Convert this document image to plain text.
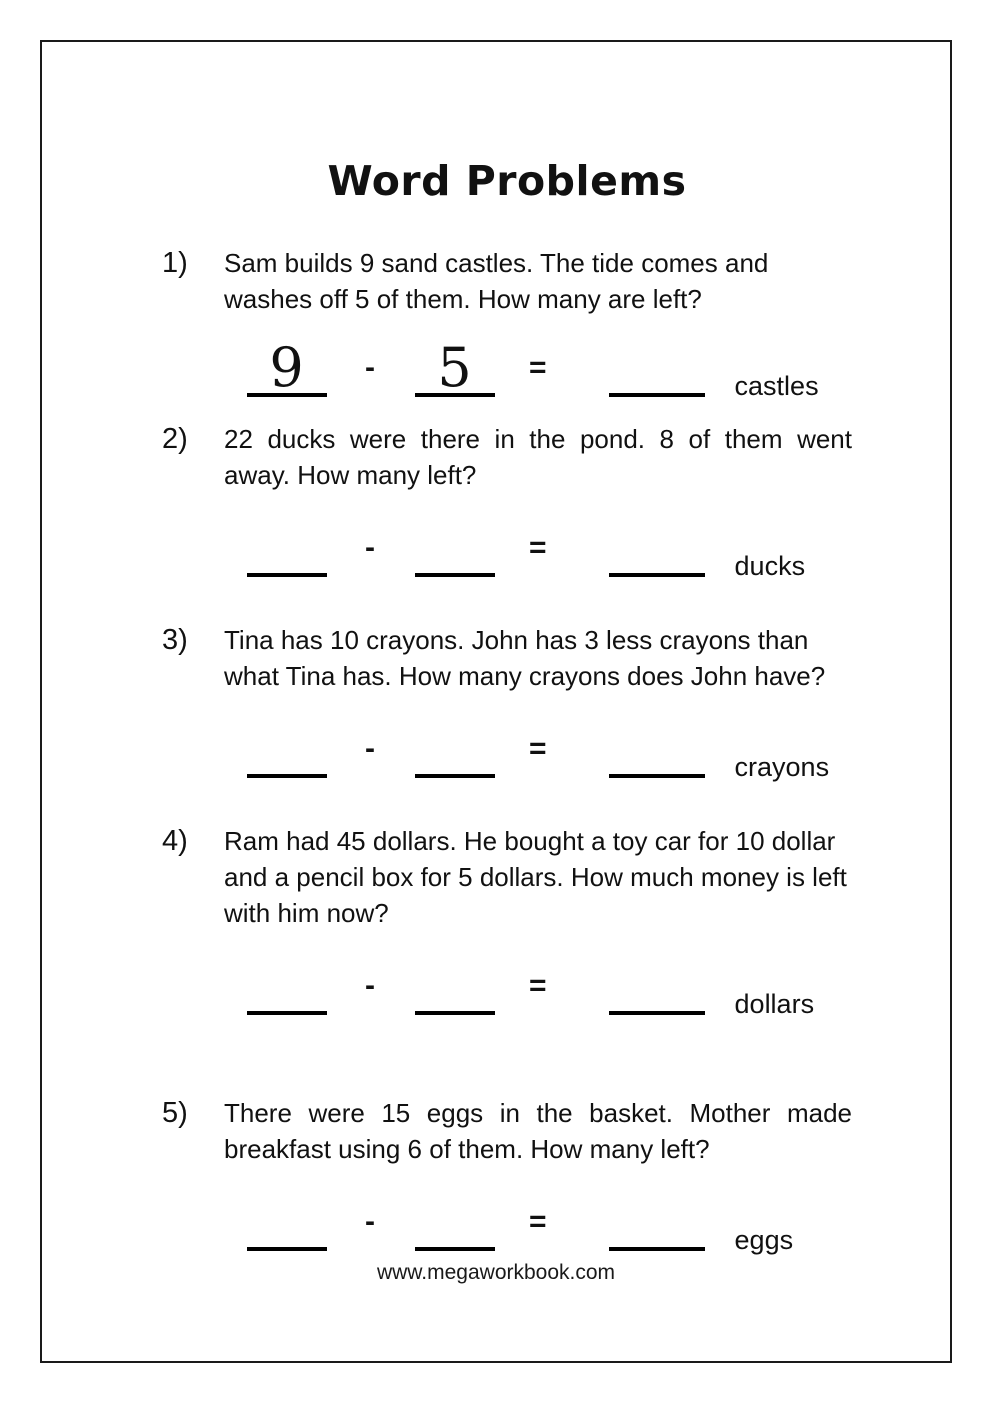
Word Problems
1)	Sam builds 9 sand castles. The tide comes and washes off 5 of them. How many are left?
9	-	5	=
castles
2)	22 ducks were there in the pond. 8 of them went away. How many left?
-	=
ducks
3)	Tina has 10 crayons. John has 3 less crayons than what Tina has. How many crayons does John have?
-	=
crayons
4)	Ram had 45 dollars. He bought a toy car for 10 dollar and a pencil box for 5 dollars. How much money is left with him now?
-	=
dollars
5)	There were 15 eggs in the basket. Mother made breakfast using 6 of them. How many left?
-	=
eggs
www.megaworkbook.com
